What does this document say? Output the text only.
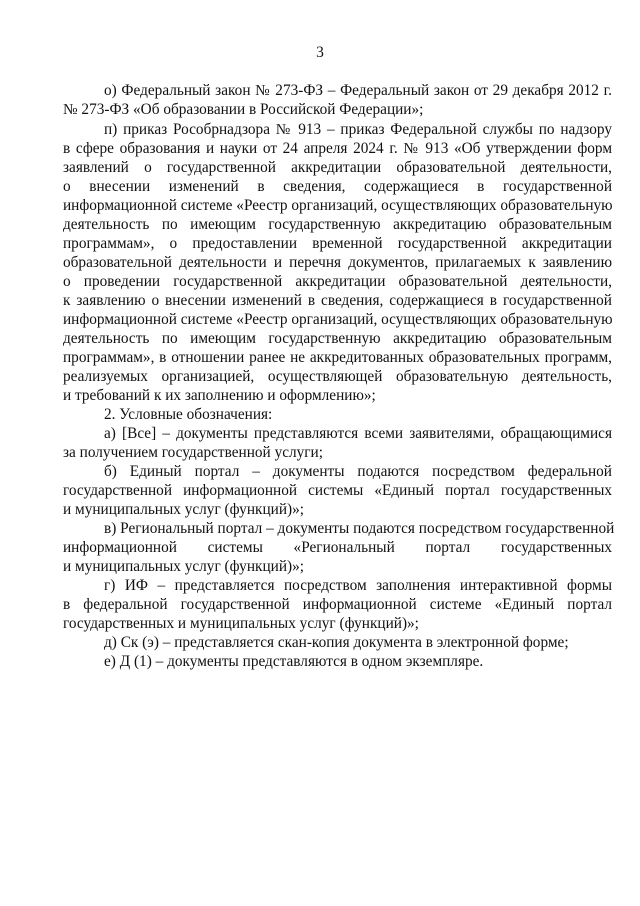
3
о) Федеральный закон № 273-ФЗ – Федеральный закон от 29 декабря 2012 г.
№ 273-ФЗ «Об образовании в Российской Федерации»;
п) приказ Рособрнадзора № 913 – приказ Федеральной службы по надзору
в сфере образования и науки от 24 апреля 2024 г. № 913 «Об утверждении форм
заявлений о государственной аккредитации образовательной деятельности,
о внесении изменений в сведения, содержащиеся в государственной
информационной системе «Реестр организаций, осуществляющих образовательную
деятельность по имеющим государственную аккредитацию образовательным
программам», о предоставлении временной государственной аккредитации
образовательной деятельности и перечня документов, прилагаемых к заявлению
о проведении государственной аккредитации образовательной деятельности,
к заявлению о внесении изменений в сведения, содержащиеся в государственной
информационной системе «Реестр организаций, осуществляющих образовательную
деятельность по имеющим государственную аккредитацию образовательным
программам», в отношении ранее не аккредитованных образовательных программ,
реализуемых организацией, осуществляющей образовательную деятельность,
и требований к их заполнению и оформлению»;
2. Условные обозначения:
а) [Все] – документы представляются всеми заявителями, обращающимися
за получением государственной услуги;
б) Единый портал – документы подаются посредством федеральной
государственной информационной системы «Единый портал государственных
и муниципальных услуг (функций)»;
в) Региональный портал – документы подаются посредством государственной
информационной системы «Региональный портал государственных
и муниципальных услуг (функций)»;
г) ИФ – представляется посредством заполнения интерактивной формы
в федеральной государственной информационной системе «Единый портал
государственных и муниципальных услуг (функций)»;
д) Ск (э) – представляется скан-копия документа в электронной форме;
е) Д (1) – документы представляются в одном экземпляре.
